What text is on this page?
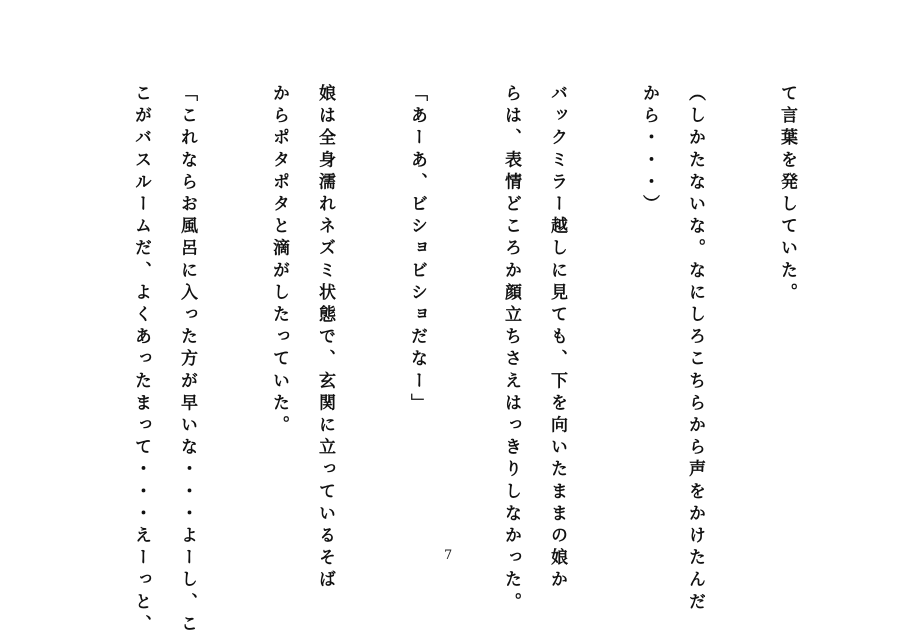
て言葉を発していた。
（しかたないな。なにしろこちらから声をかけたんだ
から・・・）
バックミラー越しに見ても、下を向いたままの娘か
らは、表情どころか顔立ちさえはっきりしなかった。
「あーあ、ビショビショだなー」
娘は全身濡れネズミ状態で、玄関に立っているそば
からポタポタと滴がしたっていた。
「これならお風呂に入った方が早いな・・・よーし、こ
こがバスルームだ、よくあったまって・・・えーっと、	7
